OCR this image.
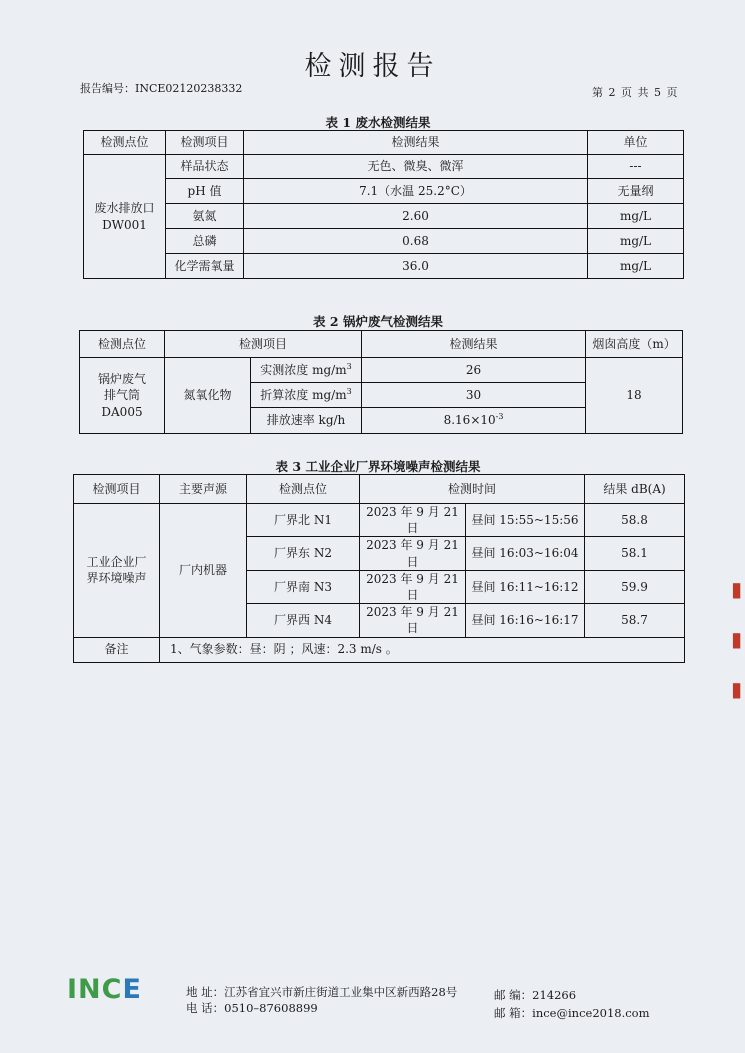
检测报告
报告编号：INCE02120238332	第 2 页 共 5 页
表 1 废水检测结果
检测点位	检测项目	检测结果	单位

废水排放口
DW001	样品状态	无色、微臭、微浑	---
	pH 值	7.1（水温 25.2°C）	无量纲
	氨氮	2.60	mg/L
	总磷	0.68	mg/L
	化学需氧量	36.0	mg/L
表 2 锅炉废气检测结果
检测点位	检测项目		检测结果	烟囱高度（m）

锅炉废气
排气筒
DA005	氮氧化物	实测浓度 $mg/m^3$	26	18
		折算浓度 $mg/m^3$	30	
		排放速率 kg/h	$8.16\times 10^{-3}$
表 3 工业企业厂界环境噪声检测结果
检测项目	主要声源	检测点位	检测时间		结果 dB(A)

工业企业厂
界环境噪声	厂内机器	厂界北 N1	2023 年 9 月 21 日	昼间 15:55~15:56	58.8
		厂界东 N2	2023 年 9 月 21 日	昼间 16:03~16:04	58.1
		厂界南 N3	2023 年 9 月 21 日	昼间 16:11~16:12	59.9
		厂界西 N4	2023 年 9 月 21 日	昼间 16:16~16:17	58.7
备注	1、气象参数：昼：阴 ；风速：2.3 m/s 。				
▮
▮
▮
INCE	地 址：江苏省宜兴市新庄街道工业集中区新西路28号	邮 编：214266
电 话：0510–87608899	邮 箱：ince@ince2018.com
